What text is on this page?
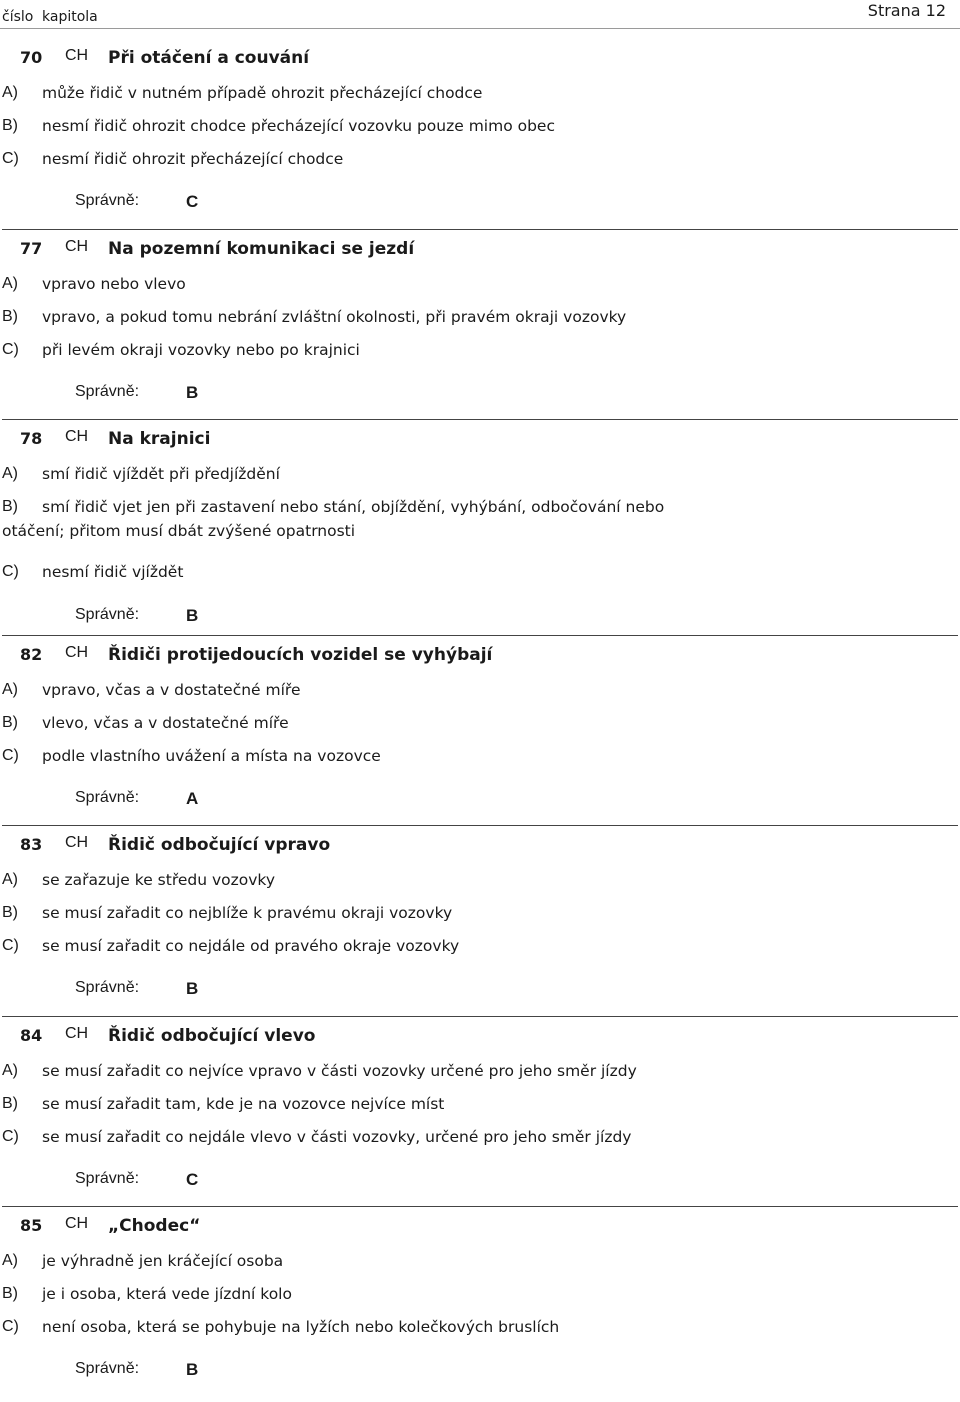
číslo kapitola	Strana 12
70 CH Při otáčení a couvání
A)	může řidič v nutném případě ohrozit přecházející chodce
B)	nesmí řidič ohrozit chodce přecházející vozovku pouze mimo obec
C)	nesmí řidič ohrozit přecházející chodce
Správně:	C
77 CH Na pozemní komunikaci se jezdí
A)	vpravo nebo vlevo
B)	vpravo, a pokud tomu nebrání zvláštní okolnosti, při pravém okraji vozovky
C)	při levém okraji vozovky nebo po krajnici
Správně:	B
78 CH Na krajnici
A)	smí řidič vjíždět při předjíždění
B)	smí řidič vjet jen při zastavení nebo stání, objíždění, vyhýbání, odbočování nebo otáčení; přitom musí dbát zvýšené opatrnosti
C)	nesmí řidič vjíždět
Správně:	B
82 CH Řidiči protijedoucích vozidel se vyhýbají
A)	vpravo, včas a v dostatečné míře
B)	vlevo, včas a v dostatečné míře
C)	podle vlastního uvážení a místa na vozovce
Správně:	A
83 CH Řidič odbočující vpravo
A)	se zařazuje ke středu vozovky
B)	se musí zařadit co nejblíže k pravému okraji vozovky
C)	se musí zařadit co nejdále od pravého okraje vozovky
Správně:	B
84 CH Řidič odbočující vlevo
A)	se musí zařadit co nejvíce vpravo v části vozovky určené pro jeho směr jízdy
B)	se musí zařadit tam, kde je na vozovce nejvíce míst
C)	se musí zařadit co nejdále vlevo v části vozovky, určené pro jeho směr jízdy
Správně:	C
85 CH „Chodec“
A)	je výhradně jen kráčející osoba
B)	je i osoba, která vede jízdní kolo
C)	není osoba, která se pohybuje na lyžích nebo kolečkových bruslích
Správně:	B
